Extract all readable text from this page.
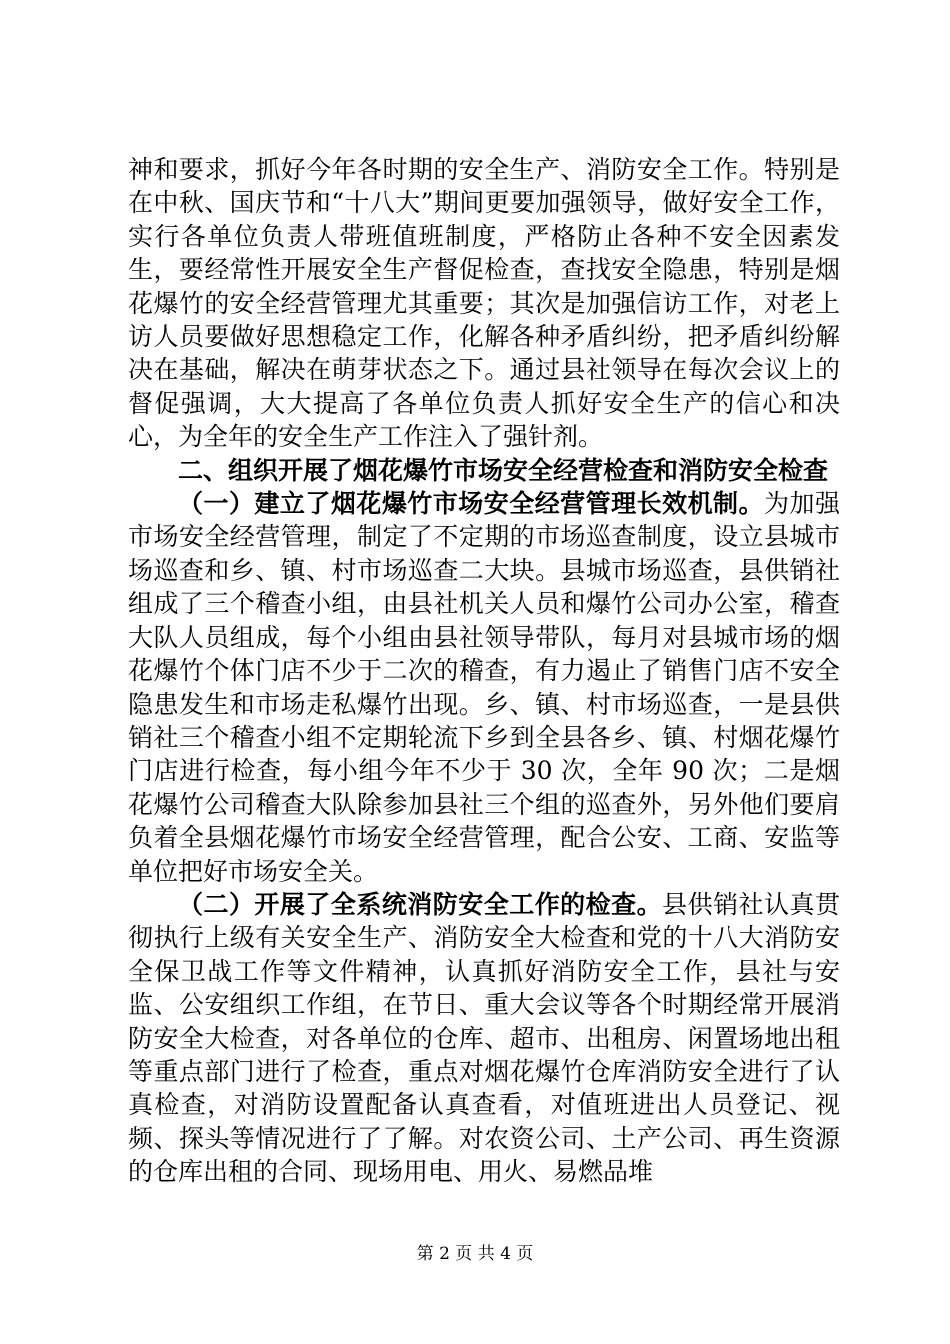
神和要求，抓好今年各时期的安全生产、消防安全工作。特别是在中秋、国庆节和“十八大”期间更要加强领导，做好安全工作，实行各单位负责人带班值班制度，严格防止各种不安全因素发生，要经常性开展安全生产督促检查，查找安全隐患，特别是烟花爆竹的安全经营管理尤其重要；其次是加强信访工作，对老上访人员要做好思想稳定工作，化解各种矛盾纠纷，把矛盾纠纷解决在基础，解决在萌芽状态之下。通过县社领导在每次会议上的督促强调，大大提高了各单位负责人抓好安全生产的信心和决心，为全年的安全生产工作注入了强针剂。

二、组织开展了烟花爆竹市场安全经营检查和消防安全检查

（一）建立了烟花爆竹市场安全经营管理长效机制。为加强市场安全经营管理，制定了不定期的市场巡查制度，设立县城市场巡查和乡、镇、村市场巡查二大块。县城市场巡查，县供销社组成了三个稽查小组，由县社机关人员和爆竹公司办公室，稽查大队人员组成，每个小组由县社领导带队，每月对县城市场的烟花爆竹个体门店不少于二次的稽查，有力遏止了销售门店不安全隐患发生和市场走私爆竹出现。乡、镇、村市场巡查，一是县供销社三个稽查小组不定期轮流下乡到全县各乡、镇、村烟花爆竹门店进行检查，每小组今年不少于 30 次，全年 90 次；二是烟花爆竹公司稽查大队除参加县社三个组的巡查外，另外他们要肩负着全县烟花爆竹市场安全经营管理，配合公安、工商、安监等单位把好市场安全关。

（二）开展了全系统消防安全工作的检查。县供销社认真贯彻执行上级有关安全生产、消防安全大检查和党的十八大消防安全保卫战工作等文件精神，认真抓好消防安全工作，县社与安监、公安组织工作组，在节日、重大会议等各个时期经常开展消防安全大检查，对各单位的仓库、超市、出租房、闲置场地出租等重点部门进行了检查，重点对烟花爆竹仓库消防安全进行了认真检查，对消防设置配备认真查看，对值班进出人员登记、视频、探头等情况进行了了解。对农资公司、土产公司、再生资源的仓库出租的合同、现场用电、用火、易燃品堆

第 2 页 共 4 页
